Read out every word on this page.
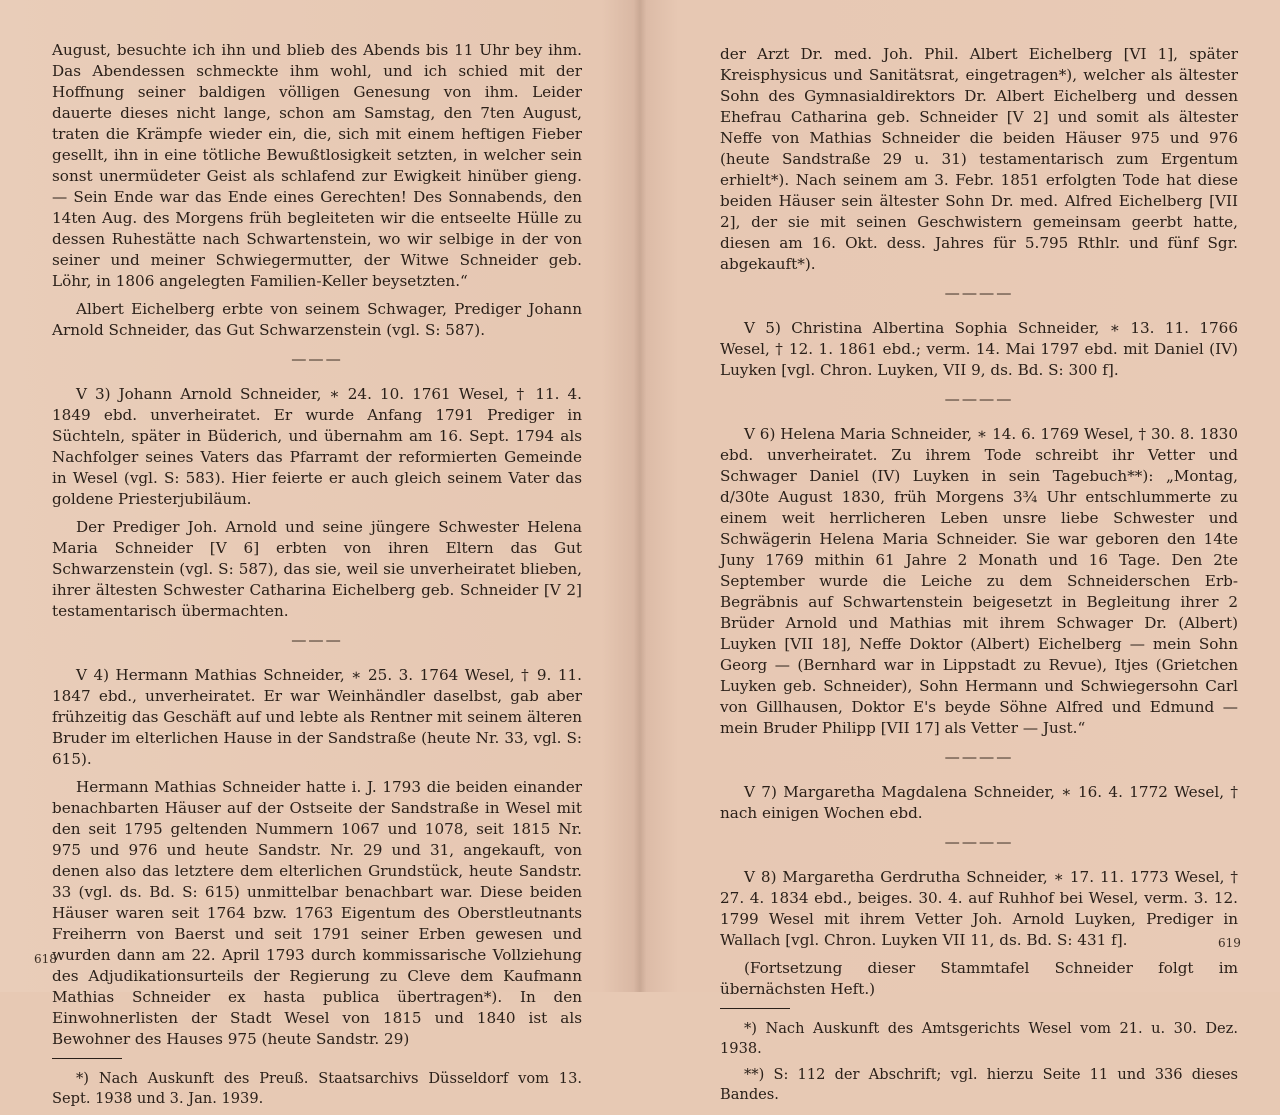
August, besuchte ich ihn und blieb des Abends bis 11 Uhr bey ihm. Das Abendessen schmeckte ihm wohl, und ich schied mit der Hoffnung seiner baldigen völligen Genesung von ihm. Leider dauerte dieses nicht lange, schon am Samstag, den 7ten August, traten die Krämpfe wieder ein, die, sich mit einem heftigen Fieber gesellt, ihn in eine tötliche Bewußtlosigkeit setzten, in welcher sein sonst unermüdeter Geist als schlafend zur Ewigkeit hinüber gieng. — Sein Ende war das Ende eines Gerechten! Des Sonnabends, den 14ten Aug. des Morgens früh begleiteten wir die entseelte Hülle zu dessen Ruhestätte nach Schwartenstein, wo wir selbige in der von seiner und meiner Schwiegermutter, der Witwe Schneider geb. Löhr, in 1806 angelegten Familien-Keller beysetzten.“

Albert Eichelberg erbte von seinem Schwager, Prediger Johann Arnold Schneider, das Gut Schwarzenstein (vgl. S: 587).

———

V 3) Johann Arnold Schneider, ∗ 24. 10. 1761 Wesel, † 11. 4. 1849 ebd. unverheiratet. Er wurde Anfang 1791 Prediger in Süchteln, später in Büderich, und übernahm am 16. Sept. 1794 als Nachfolger seines Vaters das Pfarramt der reformierten Gemeinde in Wesel (vgl. S: 583). Hier feierte er auch gleich seinem Vater das goldene Priesterjubiläum.

Der Prediger Joh. Arnold und seine jüngere Schwester Helena Maria Schneider [V 6] erbten von ihren Eltern das Gut Schwarzenstein (vgl. S: 587), das sie, weil sie unverheiratet blieben, ihrer ältesten Schwester Catharina Eichelberg geb. Schneider [V 2] testamentarisch übermachten.

———

V 4) Hermann Mathias Schneider, ∗ 25. 3. 1764 Wesel, † 9. 11. 1847 ebd., unverheiratet. Er war Weinhändler daselbst, gab aber frühzeitig das Geschäft auf und lebte als Rentner mit seinem älteren Bruder im elterlichen Hause in der Sandstraße (heute Nr. 33, vgl. S: 615).

Hermann Mathias Schneider hatte i. J. 1793 die beiden einander benachbarten Häuser auf der Ostseite der Sandstraße in Wesel mit den seit 1795 geltenden Nummern 1067 und 1078, seit 1815 Nr. 975 und 976 und heute Sandstr. Nr. 29 und 31, angekauft, von denen also das letztere dem elterlichen Grundstück, heute Sandstr. 33 (vgl. ds. Bd. S: 615) unmittelbar benachbart war. Diese beiden Häuser waren seit 1764 bzw. 1763 Eigentum des Oberstleutnants Freiherrn von Baerst und seit 1791 seiner Erben gewesen und wurden dann am 22. April 1793 durch kommissarische Vollziehung des Adjudikationsurteils der Regierung zu Cleve dem Kaufmann Mathias Schneider ex hasta publica übertragen*). In den Einwohnerlisten der Stadt Wesel von 1815 und 1840 ist als Bewohner des Hauses 975 (heute Sandstr. 29)

*) Nach Auskunft des Preuß. Staatsarchivs Düsseldorf vom 13. Sept. 1938 und 3. Jan. 1939.

618

der Arzt Dr. med. Joh. Phil. Albert Eichelberg [VI 1], später Kreisphysicus und Sanitätsrat, eingetragen*), welcher als ältester Sohn des Gymnasialdirektors Dr. Albert Eichelberg und dessen Ehefrau Catharina geb. Schneider [V 2] und somit als ältester Neffe von Mathias Schneider die beiden Häuser 975 und 976 (heute Sandstraße 29 u. 31) testamentarisch zum Ergentum erhielt*). Nach seinem am 3. Febr. 1851 erfolgten Tode hat diese beiden Häuser sein ältester Sohn Dr. med. Alfred Eichelberg [VII 2], der sie mit seinen Geschwistern gemeinsam geerbt hatte, diesen am 16. Okt. dess. Jahres für 5.795 Rthlr. und fünf Sgr. abgekauft*).

————

V 5) Christina Albertina Sophia Schneider, ∗ 13. 11. 1766 Wesel, † 12. 1. 1861 ebd.; verm. 14. Mai 1797 ebd. mit Daniel (IV) Luyken [vgl. Chron. Luyken, VII 9, ds. Bd. S: 300 f].

————

V 6) Helena Maria Schneider, ∗ 14. 6. 1769 Wesel, † 30. 8. 1830 ebd. unverheiratet. Zu ihrem Tode schreibt ihr Vetter und Schwager Daniel (IV) Luyken in sein Tagebuch**): „Montag, d/30te August 1830, früh Morgens 3¾ Uhr entschlummerte zu einem weit herrlicheren Leben unsre liebe Schwester und Schwägerin Helena Maria Schneider. Sie war geboren den 14te Juny 1769 mithin 61 Jahre 2 Monath und 16 Tage. Den 2te September wurde die Leiche zu dem Schneiderschen Erb-Begräbnis auf Schwartenstein beigesetzt in Begleitung ihrer 2 Brüder Arnold und Mathias mit ihrem Schwager Dr. (Albert) Luyken [VII 18], Neffe Doktor (Albert) Eichelberg — mein Sohn Georg — (Bernhard war in Lippstadt zu Revue), Itjes (Grietchen Luyken geb. Schneider), Sohn Hermann und Schwiegersohn Carl von Gillhausen, Doktor E's beyde Söhne Alfred und Edmund — mein Bruder Philipp [VII 17] als Vetter — Just.“

————

V 7) Margaretha Magdalena Schneider, ∗ 16. 4. 1772 Wesel, † nach einigen Wochen ebd.

————

V 8) Margaretha Gerdrutha Schneider, ∗ 17. 11. 1773 Wesel, † 27. 4. 1834 ebd., beiges. 30. 4. auf Ruhhof bei Wesel, verm. 3. 12. 1799 Wesel mit ihrem Vetter Joh. Arnold Luyken, Prediger in Wallach [vgl. Chron. Luyken VII 11, ds. Bd. S: 431 f].

(Fortsetzung dieser Stammtafel Schneider folgt im übernächsten Heft.)

*) Nach Auskunft des Amtsgerichts Wesel vom 21. u. 30. Dez. 1938.

**) S: 112 der Abschrift; vgl. hierzu Seite 11 und 336 dieses Bandes.

619
